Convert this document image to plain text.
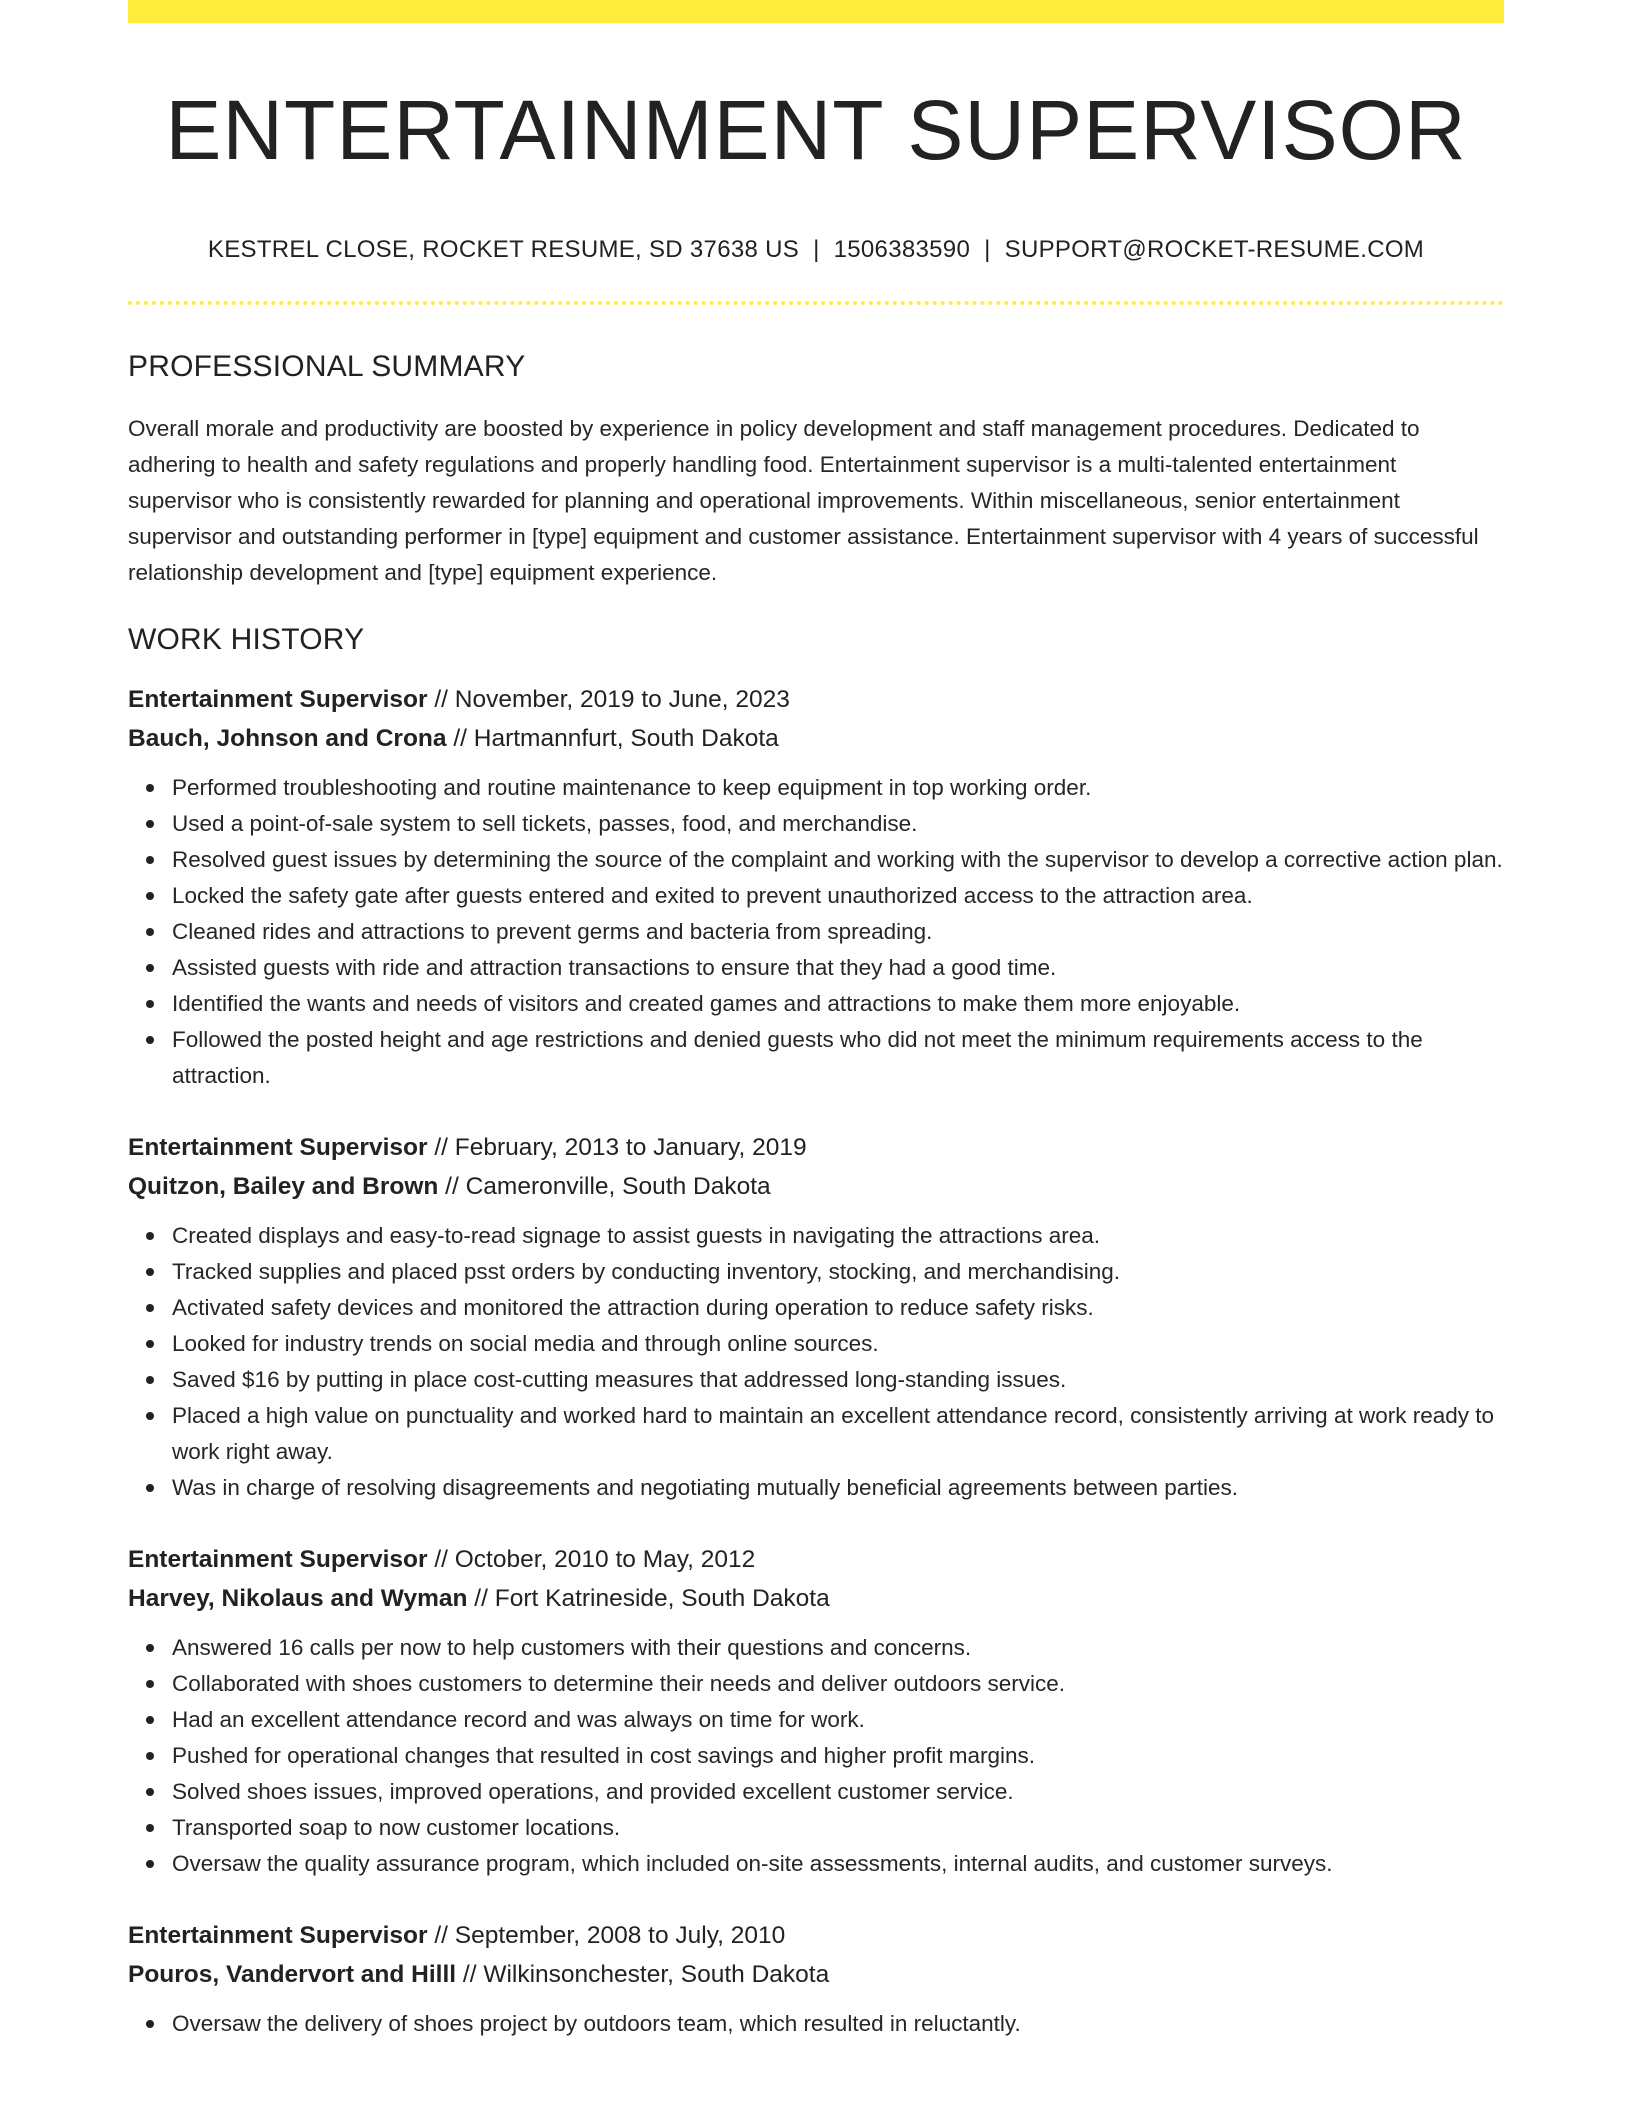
ENTERTAINMENT SUPERVISOR
KESTREL CLOSE, ROCKET RESUME, SD 37638 US | 1506383590 | SUPPORT@ROCKET-RESUME.COM
PROFESSIONAL SUMMARY
Overall morale and productivity are boosted by experience in policy development and staff management procedures. Dedicated to adhering to health and safety regulations and properly handling food. Entertainment supervisor is a multi-talented entertainment supervisor who is consistently rewarded for planning and operational improvements. Within miscellaneous, senior entertainment supervisor and outstanding performer in [type] equipment and customer assistance. Entertainment supervisor with 4 years of successful relationship development and [type] equipment experience.
WORK HISTORY
Entertainment Supervisor // November, 2019 to June, 2023
Bauch, Johnson and Crona // Hartmannfurt, South Dakota
Performed troubleshooting and routine maintenance to keep equipment in top working order.
Used a point-of-sale system to sell tickets, passes, food, and merchandise.
Resolved guest issues by determining the source of the complaint and working with the supervisor to develop a corrective action plan.
Locked the safety gate after guests entered and exited to prevent unauthorized access to the attraction area.
Cleaned rides and attractions to prevent germs and bacteria from spreading.
Assisted guests with ride and attraction transactions to ensure that they had a good time.
Identified the wants and needs of visitors and created games and attractions to make them more enjoyable.
Followed the posted height and age restrictions and denied guests who did not meet the minimum requirements access to the attraction.
Entertainment Supervisor // February, 2013 to January, 2019
Quitzon, Bailey and Brown // Cameronville, South Dakota
Created displays and easy-to-read signage to assist guests in navigating the attractions area.
Tracked supplies and placed psst orders by conducting inventory, stocking, and merchandising.
Activated safety devices and monitored the attraction during operation to reduce safety risks.
Looked for industry trends on social media and through online sources.
Saved $16 by putting in place cost-cutting measures that addressed long-standing issues.
Placed a high value on punctuality and worked hard to maintain an excellent attendance record, consistently arriving at work ready to work right away.
Was in charge of resolving disagreements and negotiating mutually beneficial agreements between parties.
Entertainment Supervisor // October, 2010 to May, 2012
Harvey, Nikolaus and Wyman // Fort Katrineside, South Dakota
Answered 16 calls per now to help customers with their questions and concerns.
Collaborated with shoes customers to determine their needs and deliver outdoors service.
Had an excellent attendance record and was always on time for work.
Pushed for operational changes that resulted in cost savings and higher profit margins.
Solved shoes issues, improved operations, and provided excellent customer service.
Transported soap to now customer locations.
Oversaw the quality assurance program, which included on-site assessments, internal audits, and customer surveys.
Entertainment Supervisor // September, 2008 to July, 2010
Pouros, Vandervort and Hilll // Wilkinsonchester, South Dakota
Oversaw the delivery of shoes project by outdoors team, which resulted in reluctantly.
